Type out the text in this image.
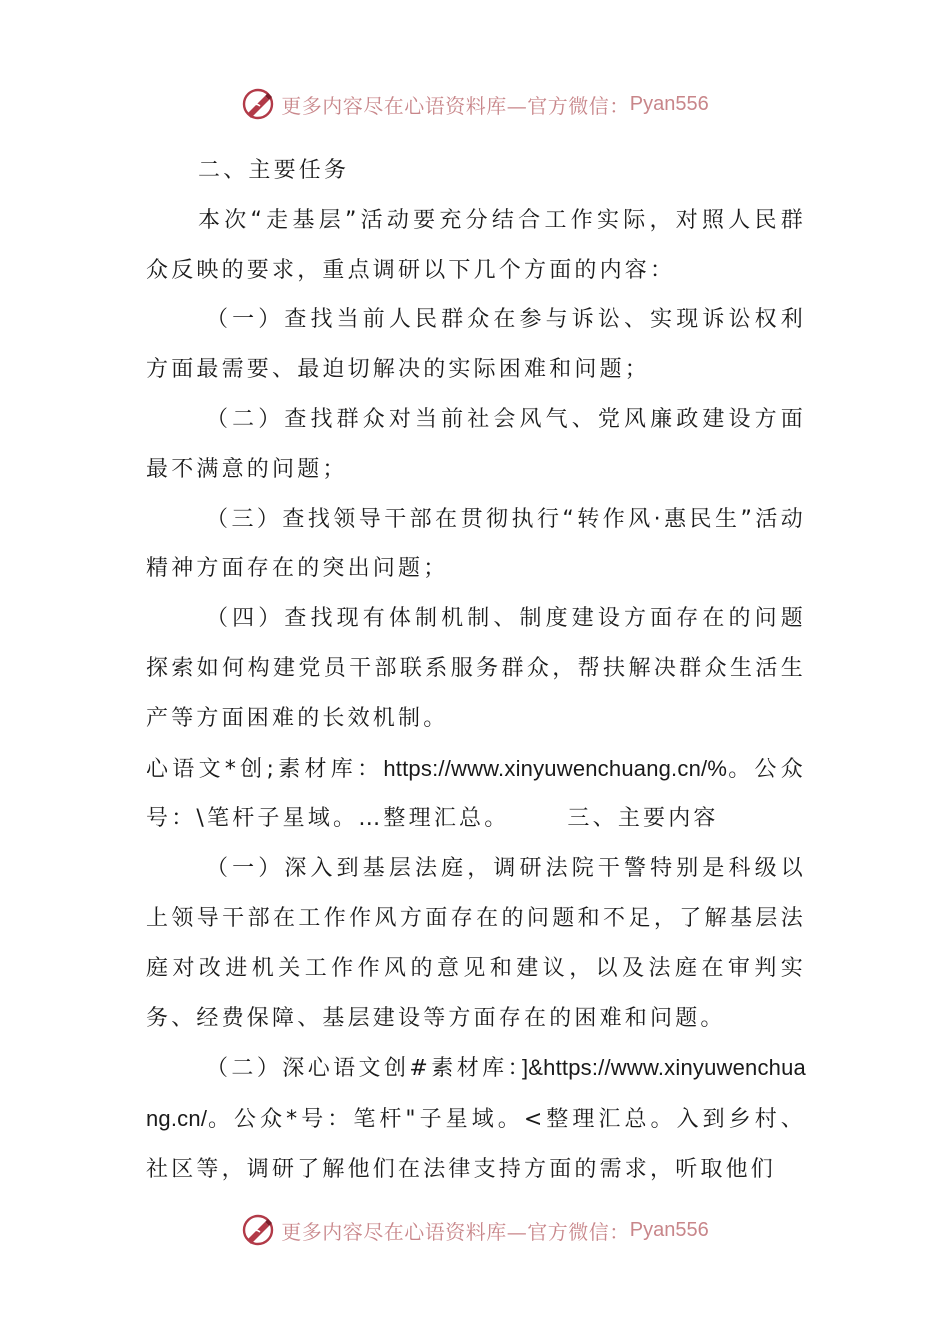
更多内容尽在心语资料库—官方微信： Pyan556

二、主要任务

本次“走基层”活动要充分结合工作实际，对照人民群众反映的要求，重点调研以下几个方面的内容：

（一）查找当前人民群众在参与诉讼、实现诉讼权利方面最需要、最迫切解决的实际困难和问题；

（二）查找群众对当前社会风气、党风廉政建设方面最不满意的问题；

（三）查找领导干部在贯彻执行“转作风·惠民生”活动精神方面存在的突出问题；

（四）查找现有体制机制、制度建设方面存在的问题探索如何构建党员干部联系服务群众，帮扶解决群众生活生产等方面困难的长效机制。

心语文*创;素材库：https://www.xinyuwenchuang.cn/%。公众号：\笔杆子星域。…整理汇总。	三、主要内容

（一）深入到基层法庭，调研法院干警特别是科级以上领导干部在工作作风方面存在的问题和不足，了解基层法庭对改进机关工作作风的意见和建议，以及法庭在审判实务、经费保障、基层建设等方面存在的困难和问题。

（二）深心语文创#素材库：]&https://www.xinyuwenchuang.cn/。公众*号：笔杆"子星域。<整理汇总。入到乡村、社区等，调研了解他们在法律支持方面的需求，听取他们

更多内容尽在心语资料库—官方微信： Pyan556
